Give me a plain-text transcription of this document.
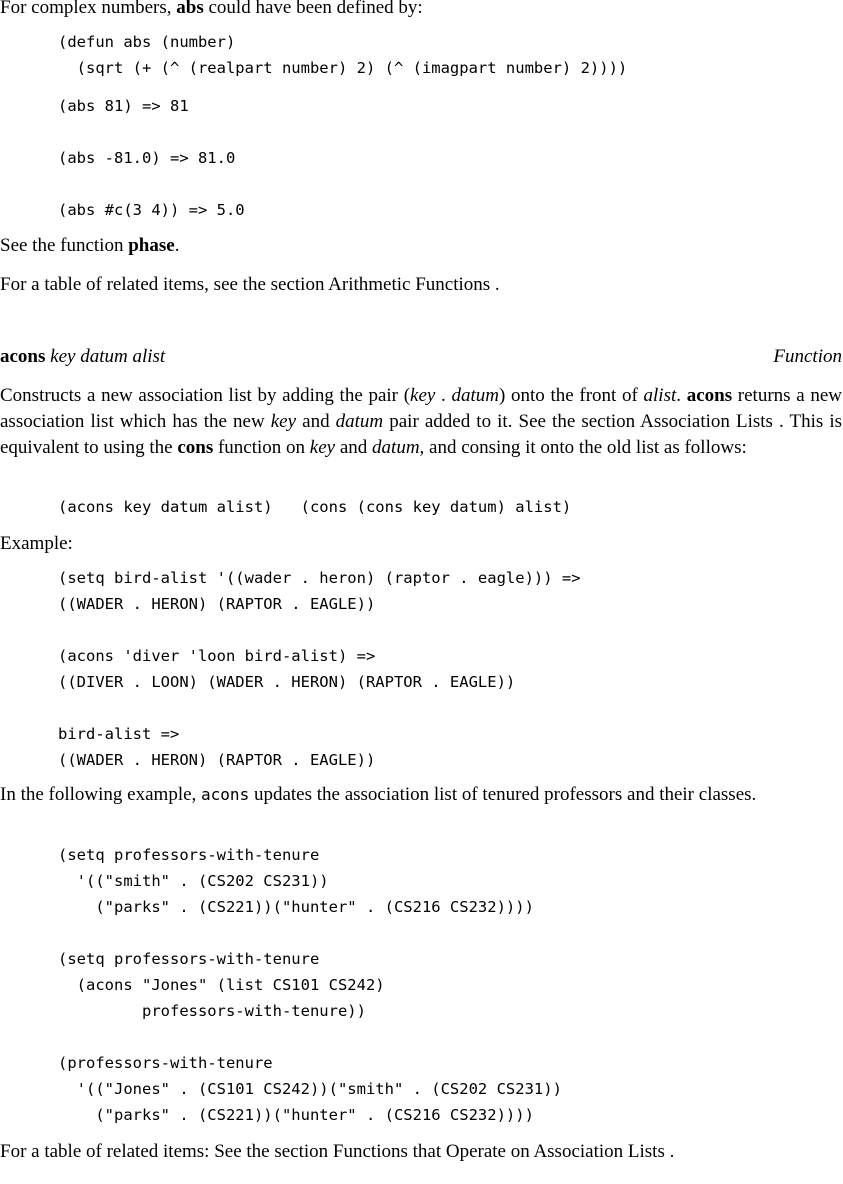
For complex numbers, abs could have been defined by:

(defun abs (number)
(sqrt (+ (^ (realpart number) 2) (^ (imagpart number) 2))))
(abs 81) => 81
(abs -81.0) => 81.0
(abs #c(3 4)) => 5.0

See the function phase.

For a table of related items, see the section Arithmetic Functions .

acons key datum alist	Function

Constructs a new association list by adding the pair (key . datum) onto the front of alist. acons returns a new association list which has the new key and datum pair added to it. See the section Association Lists . This is equivalent to using the cons function on key and datum, and consing it onto the old list as follows:

(acons key datum alist)   (cons (cons key datum) alist)

Example:

(setq bird-alist '((wader . heron) (raptor . eagle))) =>
((WADER . HERON) (RAPTOR . EAGLE))
(acons 'diver 'loon bird-alist) =>
((DIVER . LOON) (WADER . HERON) (RAPTOR . EAGLE))
bird-alist =>
((WADER . HERON) (RAPTOR . EAGLE))

In the following example, acons updates the association list of tenured professors and their classes.

(setq professors-with-tenure
'(("smith" . (CS202 CS231))
("parks" . (CS221))("hunter" . (CS216 CS232))))
(setq professors-with-tenure
(acons "Jones" (list CS101 CS242)
professors-with-tenure))
(professors-with-tenure
'(("Jones" . (CS101 CS242))("smith" . (CS202 CS231))
("parks" . (CS221))("hunter" . (CS216 CS232))))

For a table of related items: See the section Functions that Operate on Association Lists .
